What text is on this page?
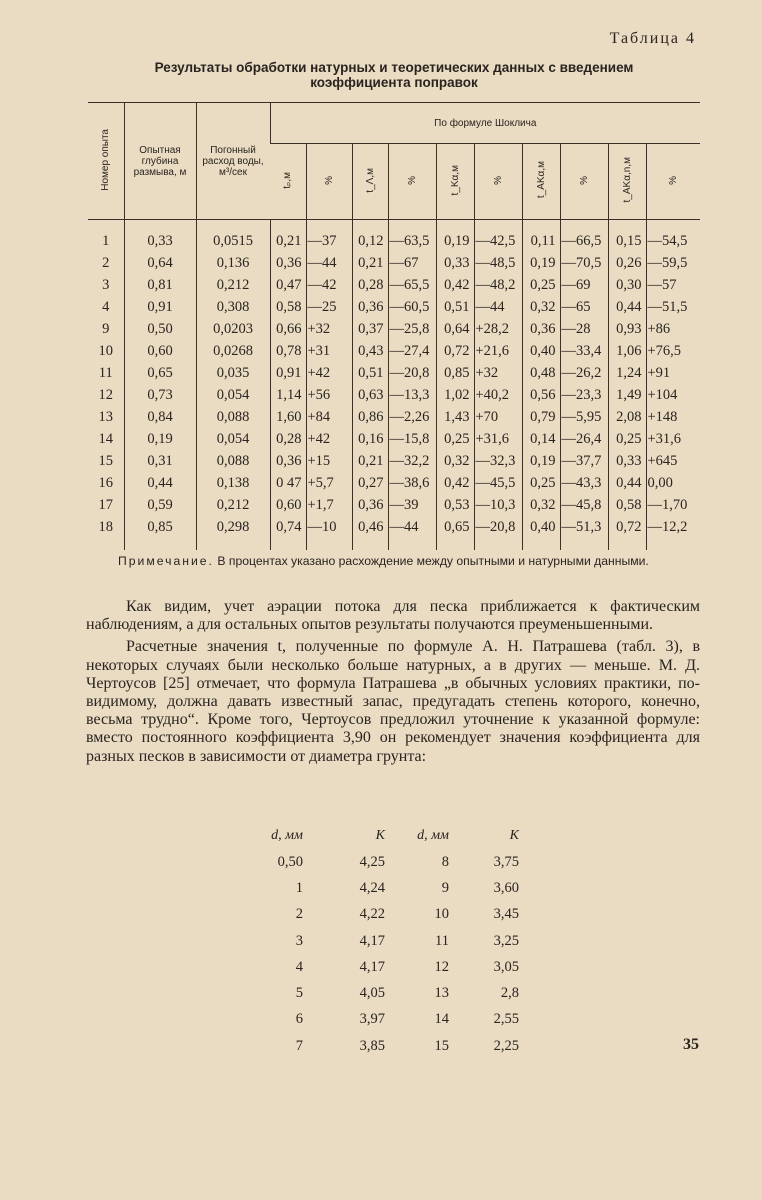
Таблица 4
Результаты обработки натурных и теоретических данных с введением
коэффициента поправок
Номер опыта	Опытная глубина размыва, м	Погонный расход воды, м³/сек	По формуле Шоклича									
			tₚ,м	%	t_Λ,м	%	t_Kα,м	%	t_AKα,м	%	t_AKα,n,м	%
1	0,33	0,0515	0,21	—37	0,12	—63,5	0,19	—42,5	0,11	—66,5	0,15	—54,5
2	0,64	0,136	0,36	—44	0,21	—67	0,33	—48,5	0,19	—70,5	0,26	—59,5
3	0,81	0,212	0,47	—42	0,28	—65,5	0,42	—48,2	0,25	—69	0,30	—57
4	0,91	0,308	0,58	—25	0,36	—60,5	0,51	—44	0,32	—65	0,44	—51,5
9	0,50	0,0203	0,66	+32	0,37	—25,8	0,64	+28,2	0,36	—28	0,93	+86
10	0,60	0,0268	0,78	+31	0,43	—27,4	0,72	+21,6	0,40	—33,4	1,06	+76,5
11	0,65	0,035	0,91	+42	0,51	—20,8	0,85	+32	0,48	—26,2	1,24	+91
12	0,73	0,054	1,14	+56	0,63	—13,3	1,02	+40,2	0,56	—23,3	1,49	+104
13	0,84	0,088	1,60	+84	0,86	—2,26	1,43	+70	0,79	—5,95	2,08	+148
14	0,19	0,054	0,28	+42	0,16	—15,8	0,25	+31,6	0,14	—26,4	0,25	+31,6
15	0,31	0,088	0,36	+15	0,21	—32,2	0,32	—32,3	0,19	—37,7	0,33	+645
16	0,44	0,138	0 47	+5,7	0,27	—38,6	0,42	—45,5	0,25	—43,3	0,44	0,00
17	0,59	0,212	0,60	+1,7	0,36	—39	0,53	—10,3	0,32	—45,8	0,58	—1,70
18	0,85	0,298	0,74	—10	0,46	—44	0,65	—20,8	0,40	—51,3	0,72	—12,2
Примечание. В процентах указано расхождение между опытными и натурными данными.

Как видим, учет аэрации потока для песка приближается к фактическим наблюдениям, а для остальных опытов результаты получаются преуменьшенными.

Расчетные значения t, полученные по формуле А. Н. Патрашева (табл. 3), в некоторых случаях были несколько больше натурных, а в других — меньше. М. Д. Чертоусов [25] отмечает, что формула Патрашева „в обычных условиях практики, по-видимому, должна давать известный запас, предугадать степень которого, конечно, весьма трудно“. Кроме того, Чертоусов предложил уточнение к указанной формуле: вместо постоянного коэффициента 3,90 он рекомендует значения коэффициента для разных песков в зависимости от диаметра грунта:

d, мм	K	d, мм	K
0,50	4,25	8	3,75
1	4,24	9	3,60
2	4,22	10	3,45
3	4,17	11	3,25
4	4,17	12	3,05
5	4,05	13	2,8
6	3,97	14	2,55
7	3,85	15	2,25	35
